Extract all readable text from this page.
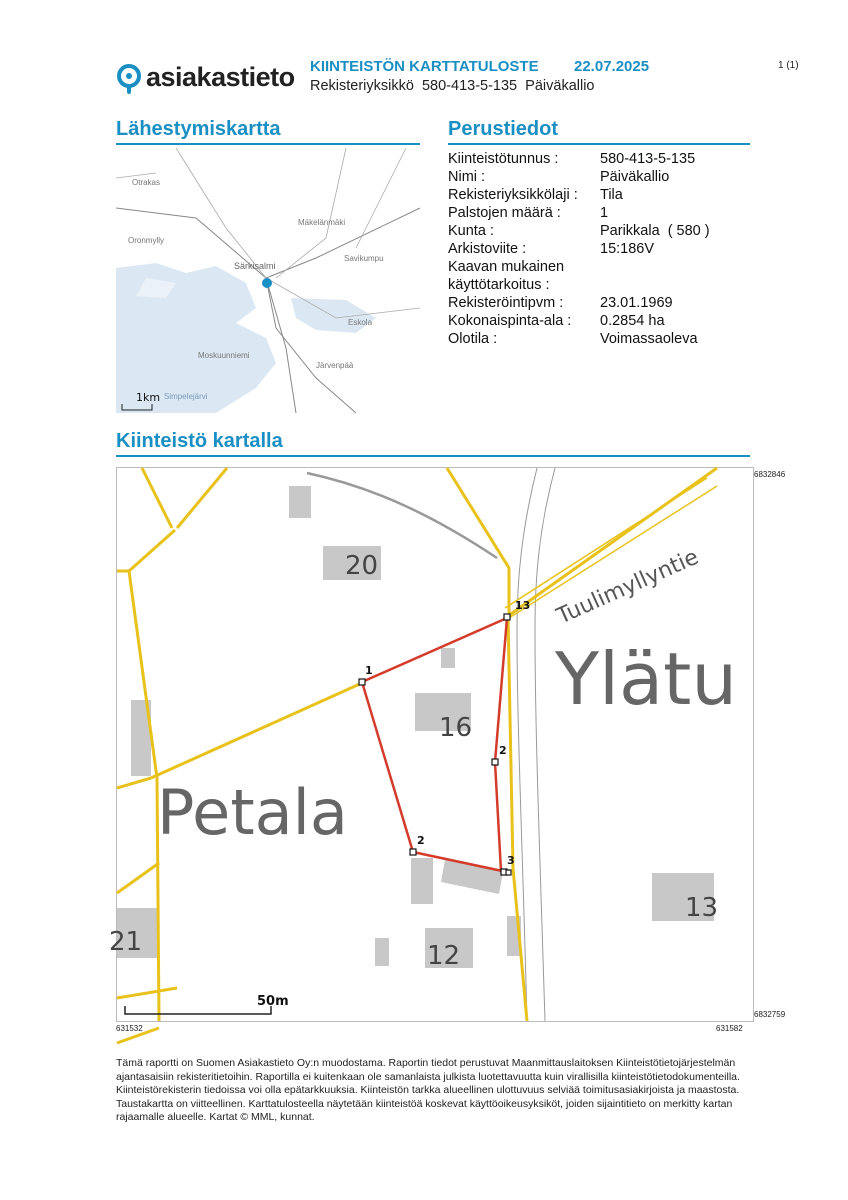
asiakastieto KIINTEISTÖN KARTTATULOSTE 22.07.2025
Rekisteriyksikkö  580-413-5-135  Päiväkallio
1 (1)
Lähestymiskartta	Perustiedot
Kiinteistötunnus :	580-413-5-135
Nimi :	Päiväkallio
Rekisteriyksikkölaji : Tila
Palstojen määrä :	1
Kunta :	Parikkala  ( 580 )
Arkistoviite :	15:186V
Kaavan mukainen
käyttötarkoitus :
Rekisteröintipvm :	23.01.1969
Kokonaispinta-ala : 0.2854 ha
Olotila :	Voimassaoleva
Otrakas
Mäkelänmäki
Oronmylly
Särkisalmi
Savikumpu
Eskola
Moskuunniemi
Järvenpää
Simpelejärvi
1km
Kiinteistö kartalla
20
16
13
12
21
Tuulimyllyntie
Ylätu
Petala
13
1
2
2
3
50m
6832846
6832759
631532	631582
Tämä raportti on Suomen Asiakastieto Oy:n muodostama. Raportin tiedot perustuvat Maanmittauslaitoksen Kiinteistötietojärjestelmän ajantasaisiin rekisteritietoihin. Raportilla ei kuitenkaan ole samanlaista julkista luotettavuutta kuin virallisilla kiinteistötietodokumenteilla. Kiinteistörekisterin tiedoissa voi olla epätarkkuuksia. Kiinteistön tarkka alueellinen ulottuvuus selviää toimitusasiakirjoista ja maastosta. Taustakartta on viitteellinen. Karttatulosteella näytetään kiinteistöä koskevat käyttöoikeusyksiköt, joiden sijaintitieto on merkitty kartan rajaamalle alueelle. Kartat © MML, kunnat.
